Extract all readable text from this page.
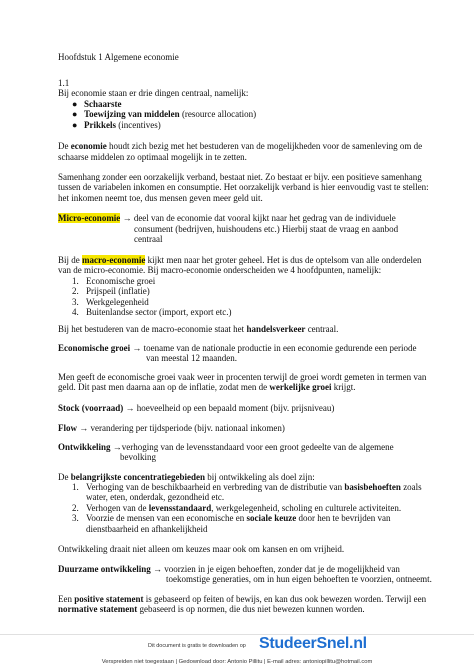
Hoofdstuk 1 Algemene economie
1.1
Bij economie staan er drie dingen centraal, namelijk:
● Schaarste
● Toewijzing van middelen (resource allocation)
● Prikkels (incentives)
De economie houdt zich bezig met het bestuderen van de mogelijkheden voor de samenleving om de
schaarse middelen zo optimaal mogelijk in te zetten.
Samenhang zonder een oorzakelijk verband, bestaat niet. Zo bestaat er bijv. een positieve samenhang
tussen de variabelen inkomen en consumptie. Het oorzakelijk verband is hier eenvoudig vast te stellen:
het inkomen neemt toe, dus mensen geven meer geld uit.
Micro-economie → deel van de economie dat vooral kijkt naar het gedrag van de individuele
consument (bedrijven, huishoudens etc.) Hierbij staat de vraag en aanbod
centraal
Bij de macro-economie kijkt men naar het groter geheel. Het is dus de optelsom van alle onderdelen
van de micro-economie. Bij macro-economie onderscheiden we 4 hoofdpunten, namelijk:
1. Economische groei
2. Prijspeil (inflatie)
3. Werkgelegenheid
4. Buitenlandse sector (import, export etc.)
Bij het bestuderen van de macro-economie staat het handelsverkeer centraal.
Economische groei → toename van de nationale productie in een economie gedurende een periode
van meestal 12 maanden.
Men geeft de economische groei vaak weer in procenten terwijl de groei wordt gemeten in termen van
geld. Dit past men daarna aan op de inflatie, zodat men de werkelijke groei krijgt.
Stock (voorraad) → hoeveelheid op een bepaald moment (bijv. prijsniveau)
Flow → verandering per tijdsperiode (bijv. nationaal inkomen)
Ontwikkeling →verhoging van de levensstandaard voor een groot gedeelte van de algemene
bevolking
De belangrijkste concentratiegebieden bij ontwikkeling als doel zijn:
1. Verhoging van de beschikbaarheid en verbreding van de distributie van basisbehoeften zoals
water, eten, onderdak, gezondheid etc.
2. Verhogen van de levensstandaard, werkgelegenheid, scholing en culturele activiteiten.
3. Voorzie de mensen van een economische en sociale keuze door hen te bevrijden van
dienstbaarheid en afhankelijkheid
Ontwikkeling draait niet alleen om keuzes maar ook om kansen en om vrijheid.
Duurzame ontwikkeling → voorzien in je eigen behoeften, zonder dat je de mogelijkheid van
toekomstige generaties, om in hun eigen behoeften te voorzien, ontneemt.
Een positive statement is gebaseerd op feiten of bewijs, en kan dus ook bewezen worden. Terwijl een
normative statement gebaseerd is op normen, die dus niet bewezen kunnen worden.
Dit document is gratis te downloaden op StudeerSnel.nl
Verspreiden niet toegestaan | Gedownload door: Antonio Pillitu | E-mail adres: antoniopillitu@hotmail.com
